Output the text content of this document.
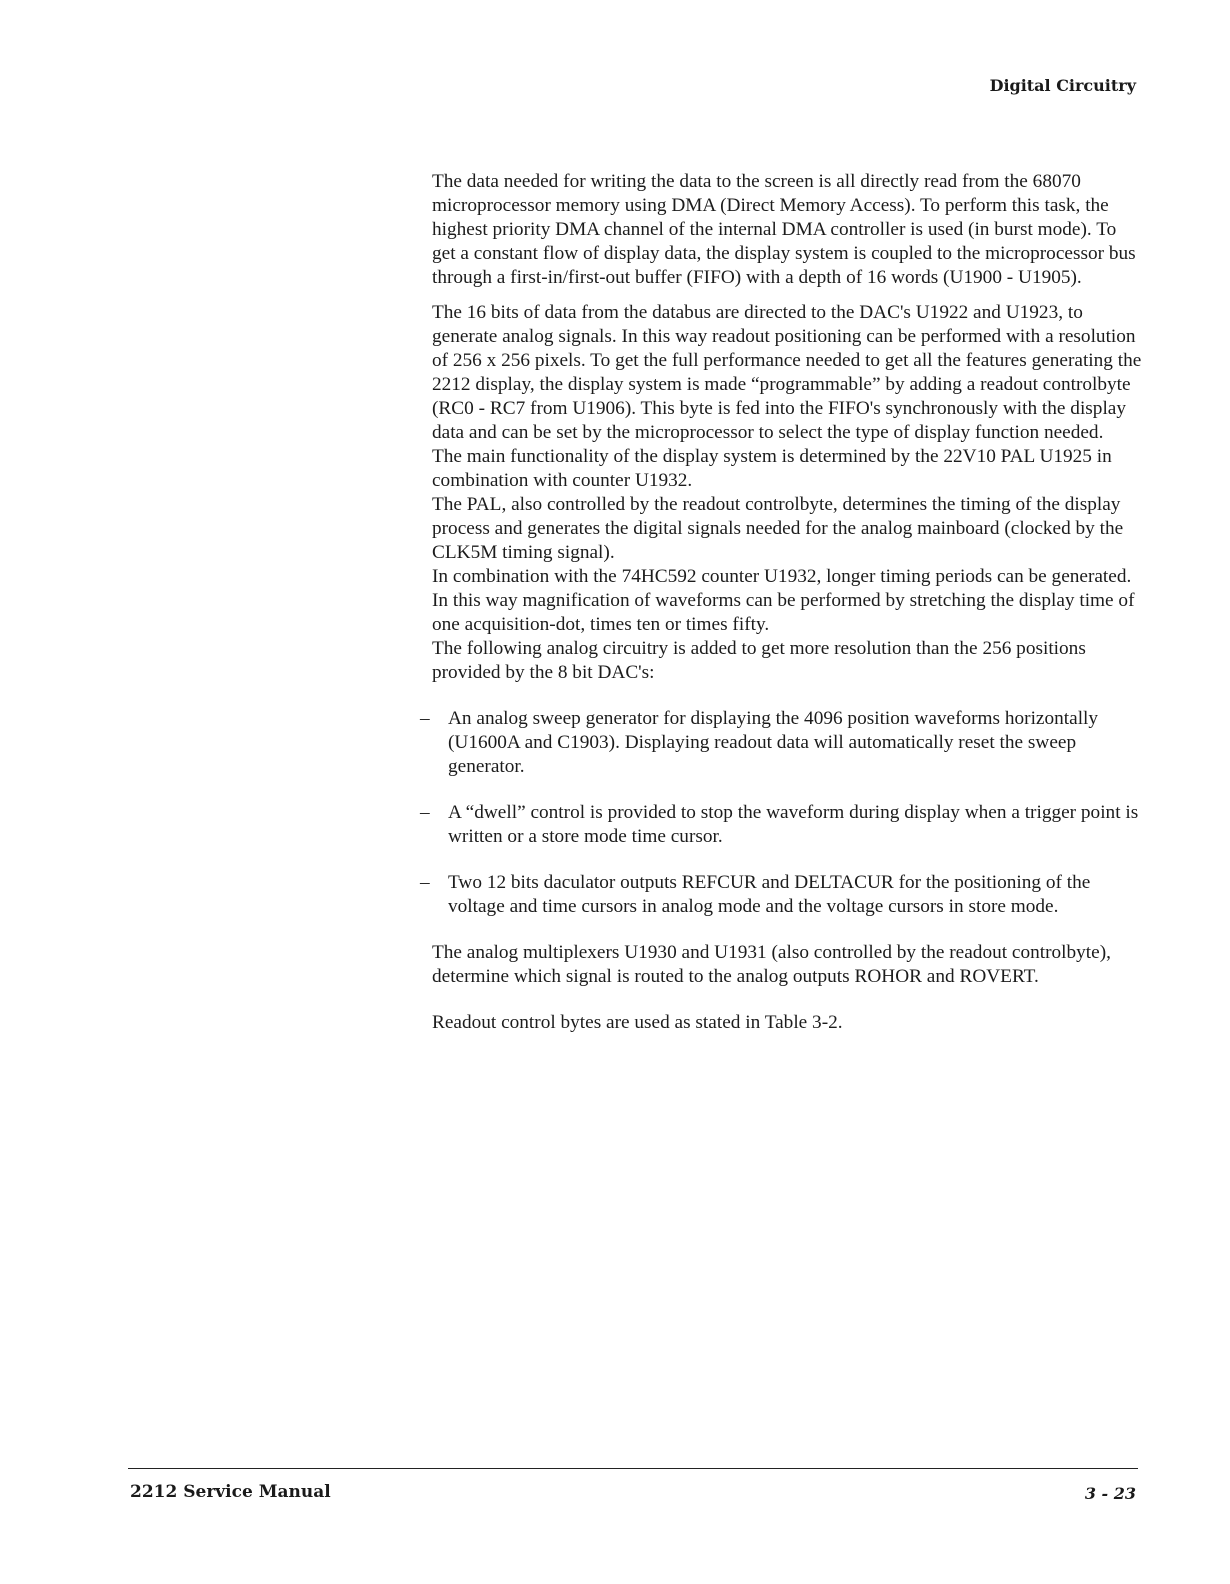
Digital Circuitry

The data needed for writing the data to the screen is all directly read from the 68070 microprocessor memory using DMA (Direct Memory Access). To perform this task, the highest priority DMA channel of the internal DMA controller is used (in burst mode). To get a constant flow of display data, the display system is coupled to the microprocessor bus through a first-in/first-out buffer (FIFO) with a depth of 16 words (U1900 - U1905).

The 16 bits of data from the databus are directed to the DAC's U1922 and U1923, to generate analog signals. In this way readout positioning can be performed with a resolution of 256 x 256 pixels. To get the full performance needed to get all the features generating the 2212 display, the display system is made “programmable” by adding a readout controlbyte (RC0 - RC7 from U1906). This byte is fed into the FIFO's synchronously with the display data and can be set by the microprocessor to select the type of display function needed.

The main functionality of the display system is determined by the 22V10 PAL U1925 in combination with counter U1932.

The PAL, also controlled by the readout controlbyte, determines the timing of the display process and generates the digital signals needed for the analog mainboard (clocked by the CLK5M timing signal).

In combination with the 74HC592 counter U1932, longer timing periods can be generated. In this way magnification of waveforms can be performed by stretching the display time of one acquisition-dot, times ten or times fifty.

The following analog circuitry is added to get more resolution than the 256 positions provided by the 8 bit DAC's:

– An analog sweep generator for displaying the 4096 position waveforms horizontally (U1600A and C1903). Displaying readout data will automatically reset the sweep generator.
– A “dwell” control is provided to stop the waveform during display when a trigger point is written or a store mode time cursor.
– Two 12 bits daculator outputs REFCUR and DELTACUR for the positioning of the voltage and time cursors in analog mode and the voltage cursors in store mode.

The analog multiplexers U1930 and U1931 (also controlled by the readout controlbyte), determine which signal is routed to the analog outputs ROHOR and ROVERT.

Readout control bytes are used as stated in Table 3-2.

2212 Service Manual	3 - 23
